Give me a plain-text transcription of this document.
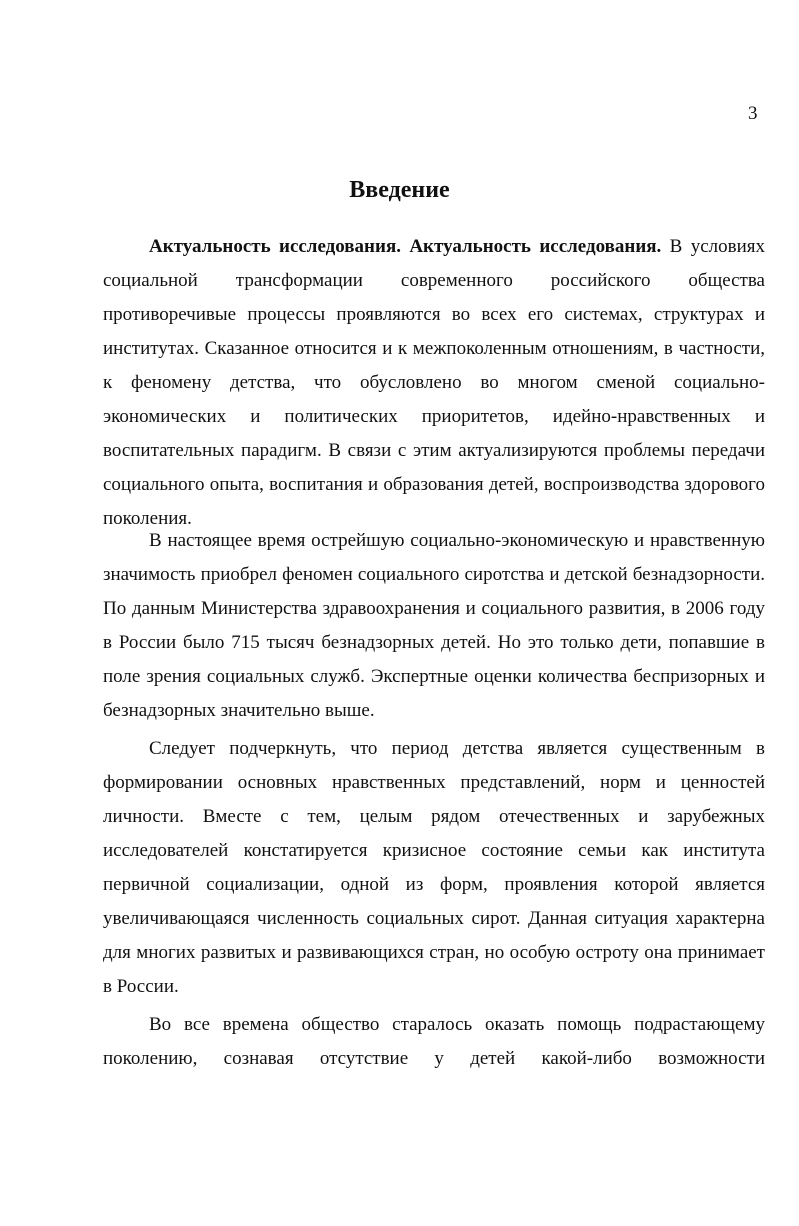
3
Введение

Актуальность исследования. Актуальность исследования. В условиях социальной трансформации современного российского общества противоречивые процессы проявляются во всех его системах, структурах и институтах. Сказанное относится и к межпоколенным отношениям, в частности, к феномену детства, что обусловлено во многом сменой социально-экономических и политических приоритетов, идейно-нравственных и воспитательных парадигм. В связи с этим актуализируются проблемы передачи социального опыта, воспитания и образования детей, воспроизводства здорового поколения.

В настоящее время острейшую социально-экономическую и нравственную значимость приобрел феномен социального сиротства и детской безнадзорности. По данным Министерства здравоохранения и социального развития, в 2006 году в России было 715 тысяч безнадзорных детей. Но это только дети, попавшие в поле зрения социальных служб. Экспертные оценки количества беспризорных и безнадзорных значительно выше.

Следует подчеркнуть, что период детства является существенным в формировании основных нравственных представлений, норм и ценностей личности. Вместе с тем, целым рядом отечественных и зарубежных исследователей констатируется кризисное состояние семьи как института первичной социализации, одной из форм, проявления которой является увеличивающаяся численность социальных сирот. Данная ситуация характерна для многих развитых и развивающихся стран, но особую остроту она принимает в России.

Во все времена общество старалось оказать помощь подрастающему поколению, сознавая отсутствие у детей какой-либо возможности
